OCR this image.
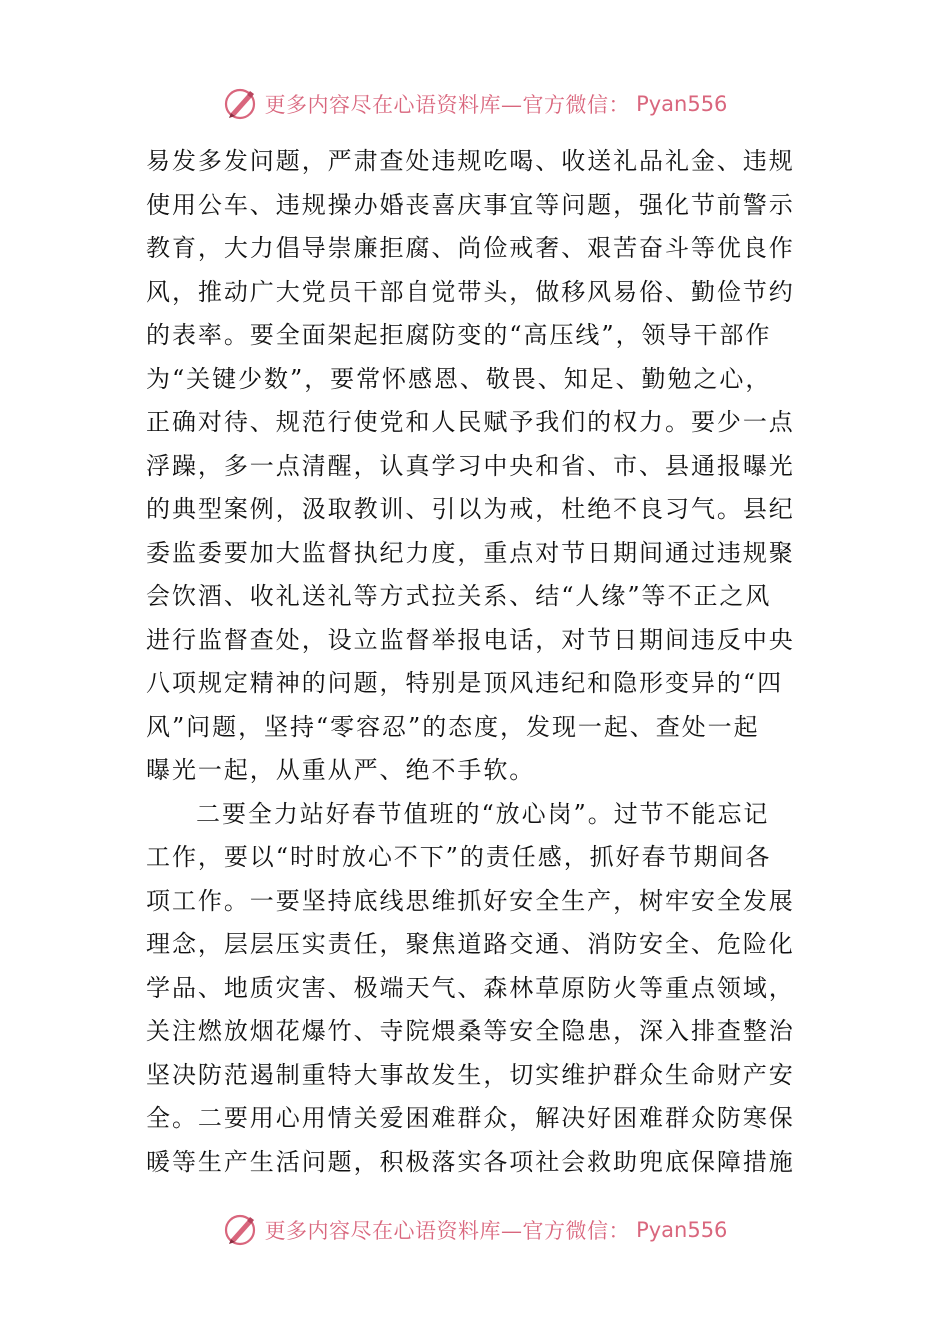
更多内容尽在心语资料库—官方微信： Pyan556
易发多发问题，严肃查处违规吃喝、收送礼品礼金、违规
使用公车、违规操办婚丧喜庆事宜等问题，强化节前警示
教育，大力倡导崇廉拒腐、尚俭戒奢、艰苦奋斗等优良作
风，推动广大党员干部自觉带头，做移风易俗、勤俭节约
的表率。要全面架起拒腐防变的“高压线”，领导干部作
为“关键少数”，要常怀感恩、敬畏、知足、勤勉之心，
正确对待、规范行使党和人民赋予我们的权力。要少一点
浮躁，多一点清醒，认真学习中央和省、市、县通报曝光
的典型案例，汲取教训、引以为戒，杜绝不良习气。县纪
委监委要加大监督执纪力度，重点对节日期间通过违规聚
会饮酒、收礼送礼等方式拉关系、结“人缘”等不正之风
进行监督查处，设立监督举报电话，对节日期间违反中央
八项规定精神的问题，特别是顶风违纪和隐形变异的“四
风”问题，坚持“零容忍”的态度，发现一起、查处一起
曝光一起，从重从严、绝不手软。
二要全力站好春节值班的“放心岗”。过节不能忘记
工作，要以“时时放心不下”的责任感，抓好春节期间各
项工作。一要坚持底线思维抓好安全生产，树牢安全发展
理念，层层压实责任，聚焦道路交通、消防安全、危险化
学品、地质灾害、极端天气、森林草原防火等重点领域，
关注燃放烟花爆竹、寺院煨桑等安全隐患，深入排查整治
坚决防范遏制重特大事故发生，切实维护群众生命财产安
全。二要用心用情关爱困难群众，解决好困难群众防寒保
暖等生产生活问题，积极落实各项社会救助兜底保障措施
更多内容尽在心语资料库—官方微信： Pyan556
